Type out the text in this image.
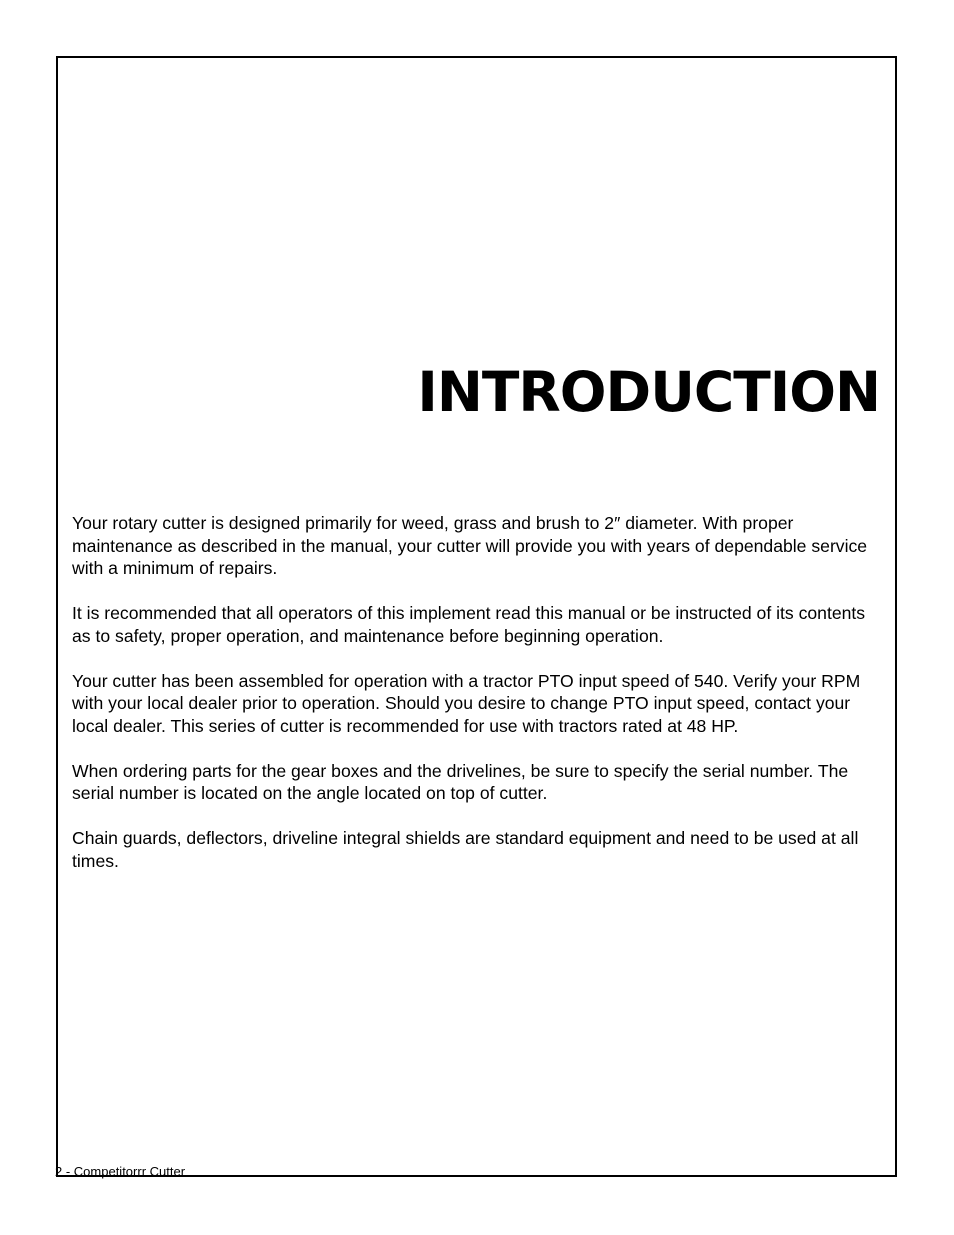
INTRODUCTION

Your rotary cutter is designed primarily for weed, grass and brush to 2″ diameter. With proper maintenance as described in the manual, your cutter will provide you with years of dependable service with a minimum of repairs.

It is recommended that all operators of this implement read this manual or be instructed of its contents as to safety, proper operation, and maintenance before beginning operation.

Your cutter has been assembled for operation with a tractor PTO input speed of 540. Verify your RPM with your local dealer prior to operation. Should you desire to change PTO input speed, contact your local dealer. This series of cutter is recommended for use with tractors rated at 48 HP.

When ordering parts for the gear boxes and the drivelines, be sure to specify the serial number. The serial number is located on the angle located on top of cutter.

Chain guards, deflectors, driveline integral shields are standard equipment and need to be used at all times.

2 - Competitorrr Cutter
